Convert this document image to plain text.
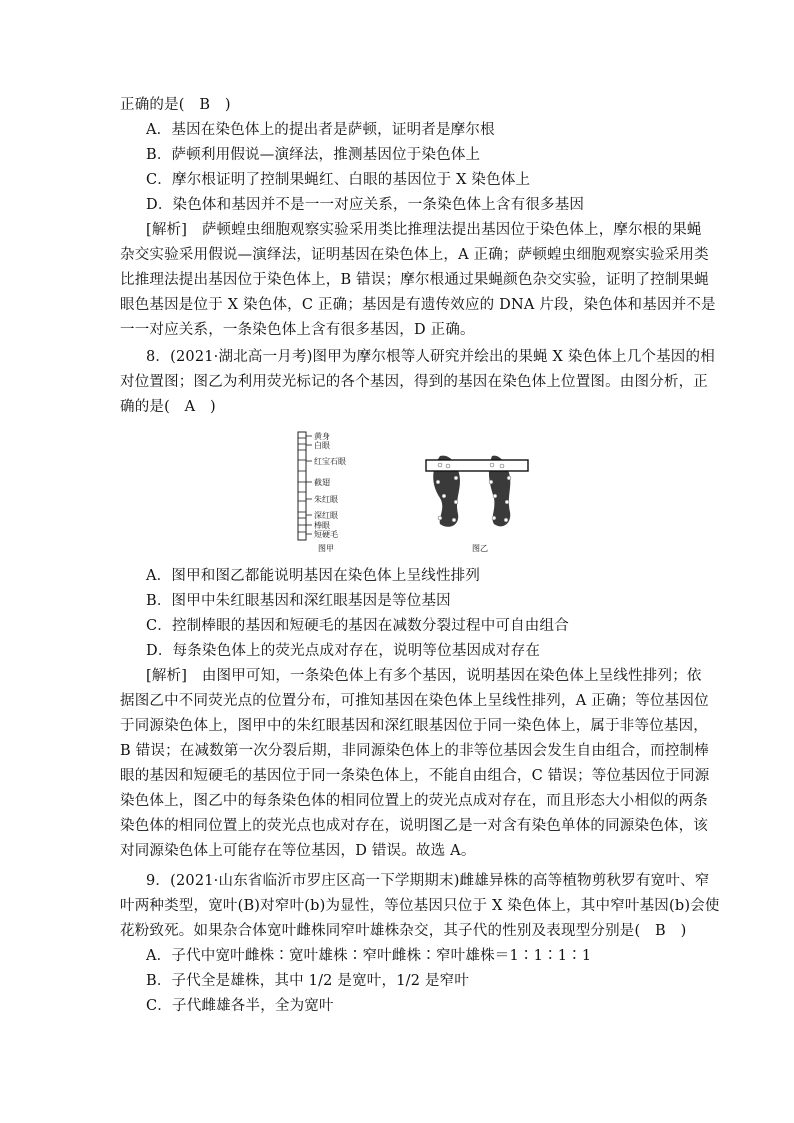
正确的是(　B　)
A．基因在染色体上的提出者是萨顿，证明者是摩尔根
B．萨顿利用假说—演绎法，推测基因位于染色体上
C．摩尔根证明了控制果蝇红、白眼的基因位于 X 染色体上
D．染色体和基因并不是一一对应关系，一条染色体上含有很多基因
[解析]　萨顿蝗虫细胞观察实验采用类比推理法提出基因位于染色体上，摩尔根的果蝇
杂交实验采用假说—演绎法，证明基因在染色体上，A 正确；萨顿蝗虫细胞观察实验采用类
比推理法提出基因位于染色体上，B 错误；摩尔根通过果蝇颜色杂交实验，证明了控制果蝇
眼色基因是位于 X 染色体，C 正确；基因是有遗传效应的 DNA 片段，染色体和基因并不是
一一对应关系，一条染色体上含有很多基因，D 正确。
8．(2021·湖北高一月考)图甲为摩尔根等人研究并绘出的果蝇 X 染色体上几个基因的相
对位置图；图乙为利用荧光标记的各个基因，得到的基因在染色体上位置图。由图分析，正
确的是(　A　)
黄身
白眼
红宝石眼
截翅
朱红眼
深红眼
棒眼
短硬毛
图甲	图乙
A．图甲和图乙都能说明基因在染色体上呈线性排列
B．图甲中朱红眼基因和深红眼基因是等位基因
C．控制棒眼的基因和短硬毛的基因在减数分裂过程中可自由组合
D．每条染色体上的荧光点成对存在，说明等位基因成对存在
[解析]　由图甲可知，一条染色体上有多个基因，说明基因在染色体上呈线性排列；依
据图乙中不同荧光点的位置分布，可推知基因在染色体上呈线性排列，A 正确；等位基因位
于同源染色体上，图甲中的朱红眼基因和深红眼基因位于同一染色体上，属于非等位基因，
B 错误；在减数第一次分裂后期，非同源染色体上的非等位基因会发生自由组合，而控制棒
眼的基因和短硬毛的基因位于同一条染色体上，不能自由组合，C 错误；等位基因位于同源
染色体上，图乙中的每条染色体的相同位置上的荧光点成对存在，而且形态大小相似的两条
染色体的相同位置上的荧光点也成对存在，说明图乙是一对含有染色单体的同源染色体，该
对同源染色体上可能存在等位基因，D 错误。故选 A。
9．(2021·山东省临沂市罗庄区高一下学期期末)雌雄异株的高等植物剪秋罗有宽叶、窄
叶两种类型，宽叶(B)对窄叶(b)为显性，等位基因只位于 X 染色体上，其中窄叶基因(b)会使
花粉致死。如果杂合体宽叶雌株同窄叶雄株杂交，其子代的性别及表现型分别是(　B　)
A．子代中宽叶雌株∶宽叶雄株∶窄叶雌株∶窄叶雄株＝1∶1∶1∶1
B．子代全是雄株，其中 1/2 是宽叶，1/2 是窄叶
C．子代雌雄各半，全为宽叶
